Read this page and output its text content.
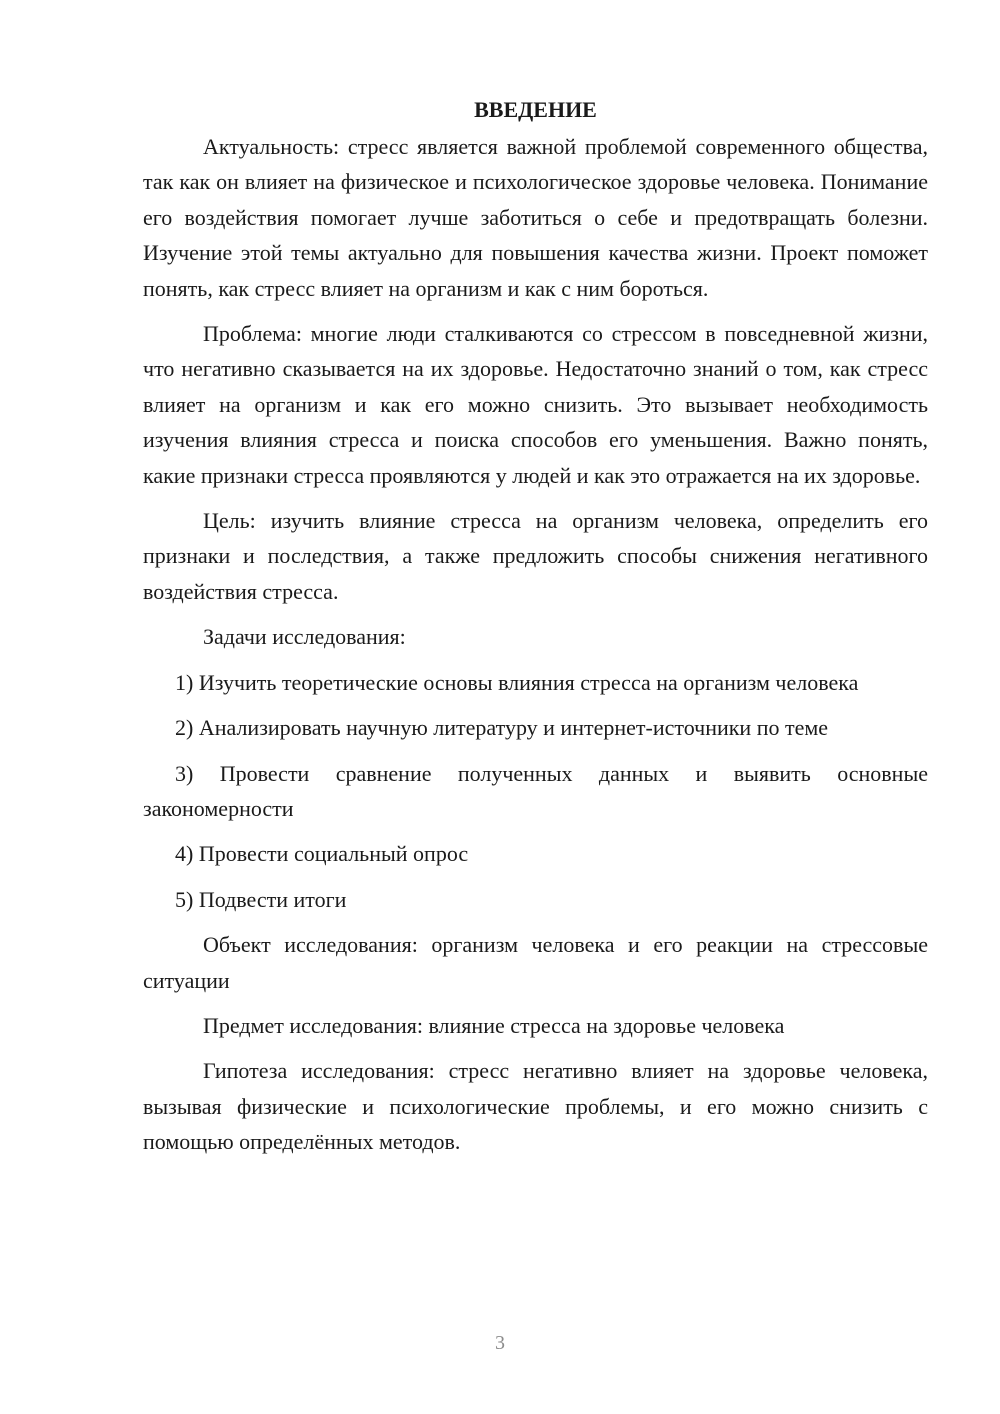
ВВЕДЕНИЕ

Актуальность: стресс является важной проблемой современного общества, так как он влияет на физическое и психологическое здоровье человека. Понимание его воздействия помогает лучше заботиться о себе и предотвращать болезни. Изучение этой темы актуально для повышения качества жизни. Проект поможет понять, как стресс влияет на организм и как с ним бороться.

Проблема: многие люди сталкиваются со стрессом в повседневной жизни, что негативно сказывается на их здоровье. Недостаточно знаний о том, как стресс влияет на организм и как его можно снизить. Это вызывает необходимость изучения влияния стресса и поиска способов его уменьшения. Важно понять, какие признаки стресса проявляются у людей и как это отражается на их здоровье.

Цель: изучить влияние стресса на организм человека, определить его признаки и последствия, а также предложить способы снижения негативного воздействия стресса.

Задачи исследования:

1) Изучить теоретические основы влияния стресса на организм человека

2) Анализировать научную литературу и интернет-источники по теме

3) Провести сравнение полученных данных и выявить основные закономерности

4) Провести социальный опрос

5) Подвести итоги

Объект исследования: организм человека и его реакции на стрессовые ситуации

Предмет исследования: влияние стресса на здоровье человека

Гипотеза исследования: стресс негативно влияет на здоровье человека, вызывая физические и психологические проблемы, и его можно снизить с помощью определённых методов.

3
